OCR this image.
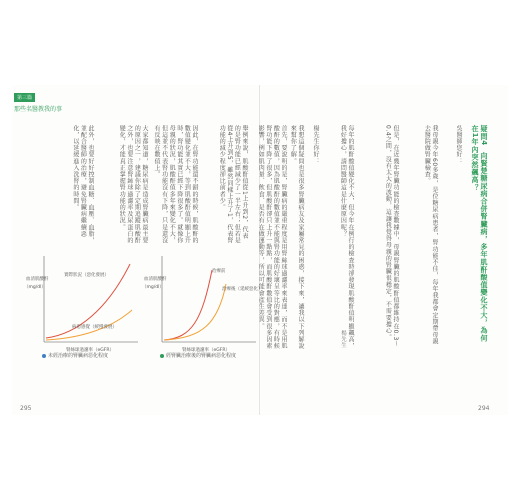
第三篇
那些名醫教我的事
疑問4  向賢楚糖尿病合併腎臟病，多年肌酐酸值變化不大，為何在1年內突然飆高？
吳醫師您好：
我母親今年60多歲，是位糖尿病患者，腎功能不佳，每年我都會定期帶母親去醫院做腎臟檢查。
但是，在近幾年腎臟功能的檢查數據中，母親腎臟的肌酸酐值都維持在0.3～0.4之間，沒有太大的波動，這讓我覺得母親的腎臟很穩定，不需要擔心。
每年的肌酐酸值變化不大，但今年在例行的檢查時卻發現肌酸酐值明顯飆高，我好擔心，請問醫師這是什麼原因呢？
楊先生
楊先生你好：
我想這個疑問也是很多腎臟病友及家屬常見的困惑，接下來，讓我以下列解說來幫你了解。
首先，要說明的是，腎臟病的嚴重程度是用腎絲球過濾率來表達，而不是用肌酸酐的數值，因為肌酸酐的數值並不能與腎功能的好壞呈等比的對應，有時候腎功能下降了很多，但肌酸酐卻只上升一點點，而肌酸酐數值會受到很多因素影響，例如肌肉量、飲食、是否有在做運動等，所以可能會產生差異。
294
舉例來說，肌酸酐值從1上升到2，代表的是腎功能已經減少了一半左右；但若是從4上升到5，雖然同樣上升了1，代表腎功能的減少程度卻比前者少。
因此，在腎功能還不錯的時候，肌酸酐的數值變化並不大，等到肌酸酐值明顯上升時，腎功能其實已經下降很多了。就像你母親的狀況，肌酸酐值多年來變化不大，但這並不代表腎功能沒有下降，只是還沒有反映在數值上。
大家都知道，糖尿病是造成腎臟病最主要的原因之一，建議你除了定期追蹤肌酸酐之外，也要注意腎絲球過濾率及尿蛋白的變化，才能真正掌握腎功能的狀況。
此外，也要好好控制血糖、血壓、血脂，並配合醫師的治療，避免腎臟病繼續惡化，以延緩進入洗腎的時間。
295
血清肌酸酐
（mg/dl）
腎絲球過濾率（eGFR）
實際狀況（惡化發展）
病患感覺（緩慢發展）
未經治療的腎臟病惡化程度
血清肌酸酐
（mg/dl）
腎絲球過濾率（eGFR）
治療前
治療後（延緩惡化）
經腎臟治療後的腎臟病惡化程度
